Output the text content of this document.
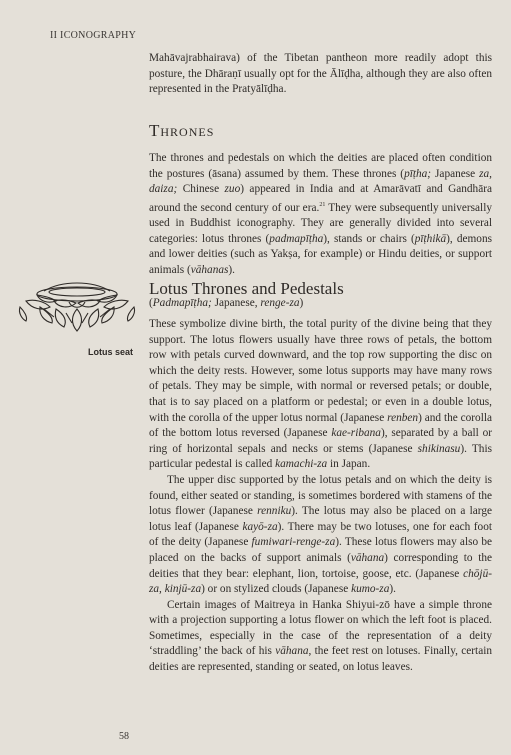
II ICONOGRAPHY

Mahāvajrabhairava) of the Tibetan pantheon more readily adopt this posture, the Dhāraṇī usually opt for the Ālīḍha, although they are also often represented in the Pratyālīḍha.

Thrones

The thrones and pedestals on which the deities are placed often condition the postures (āsana) assumed by them. These thrones (pīṭha; Japanese za, daiza; Chinese zuo) appeared in India and at Amarāvatī and Gandhāra around the second century of our era.$^{21}$ They were subsequently universally used in Buddhist iconography. They are generally divided into several categories: lotus thrones (padmapīṭha), stands or chairs (pīṭhikā), demons and lower deities (such as Yakṣa, for example) or Hindu deities, or support animals (vāhanas).

Lotus seat
Lotus Thrones and Pedestals

(Padmapīṭha; Japanese, renge-za)

These symbolize divine birth, the total purity of the divine being that they support. The lotus flowers usually have three rows of petals, the bottom row with petals curved downward, and the top row supporting the disc on which the deity rests. However, some lotus supports may have many rows of petals. They may be simple, with normal or reversed petals; or double, that is to say placed on a platform or pedestal; or even in a double lotus, with the corolla of the upper lotus normal (Japanese renben) and the corolla of the bottom lotus reversed (Japanese kae-ribana), separated by a ball or ring of horizontal sepals and necks or stems (Japanese shikinasu). This particular pedestal is called kamachi-za in Japan.

The upper disc supported by the lotus petals and on which the deity is found, either seated or standing, is sometimes bordered with stamens of the lotus flower (Japanese renniku). The lotus may also be placed on a large lotus leaf (Japanese kayō-za). There may be two lotuses, one for each foot of the deity (Japanese fumiwari-renge-za). These lotus flowers may also be placed on the backs of support animals (vāhana) corresponding to the deities that they bear: elephant, lion, tortoise, goose, etc. (Japanese chōjū-za, kinjū-za) or on stylized clouds (Japanese kumo-za).

Certain images of Maitreya in Hanka Shiyui-zō have a simple throne with a projection supporting a lotus flower on which the left foot is placed. Sometimes, especially in the case of the representation of a deity ‘straddling’ the back of his vāhana, the feet rest on lotuses. Finally, certain deities are represented, standing or seated, on lotus leaves.

58
